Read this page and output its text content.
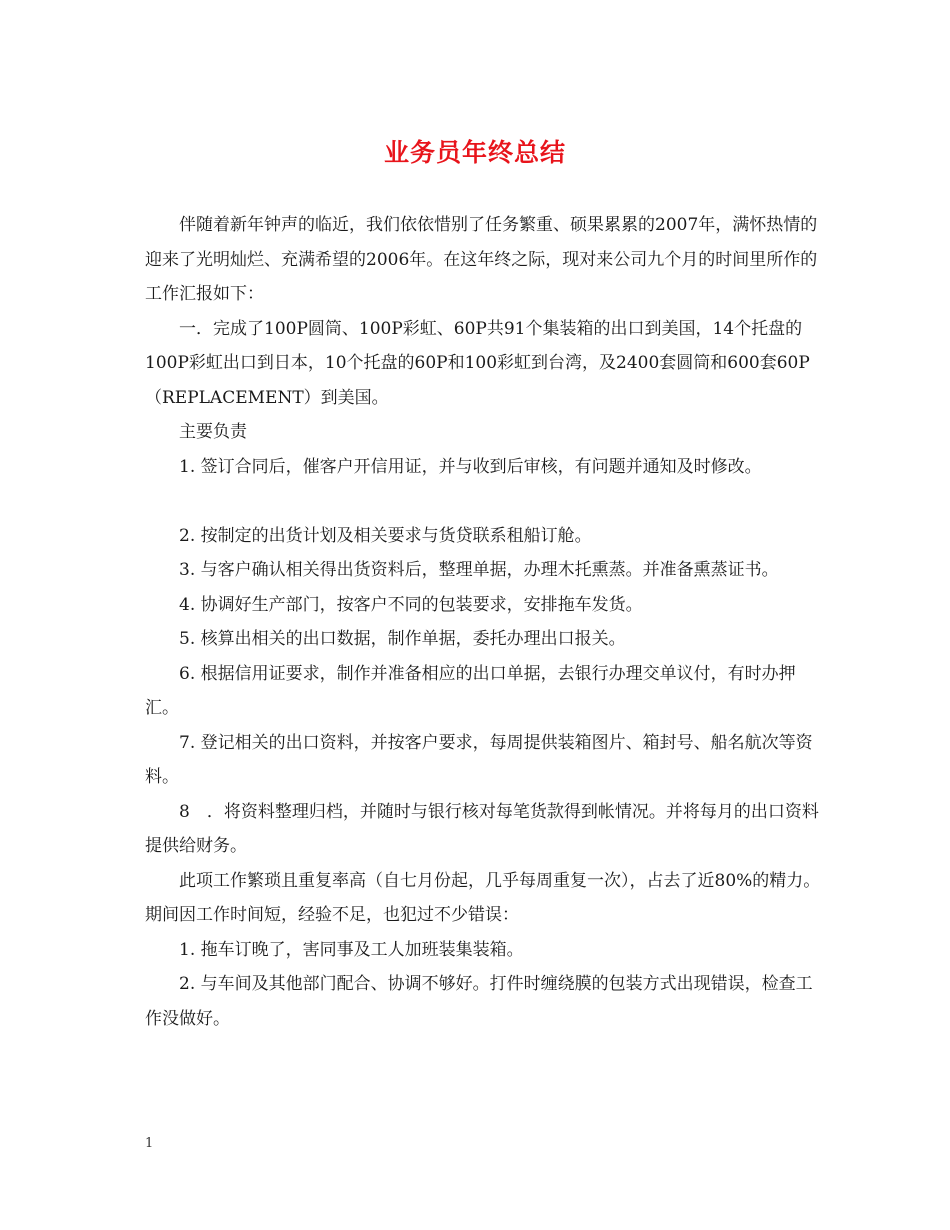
业务员年终总结

伴随着新年钟声的临近，我们依依惜别了任务繁重、硕果累累的2007年，满怀热情的迎来了光明灿烂、充满希望的2006年。在这年终之际，现对来公司九个月的时间里所作的工作汇报如下：

一．完成了100P圆筒、100P彩虹、60P共91个集装箱的出口到美国，14个托盘的100P彩虹出口到日本，10个托盘的60P和100彩虹到台湾，及2400套圆筒和600套60P（REPLACEMENT）到美国。

主要负责

1. 签订合同后，催客户开信用证，并与收到后审核，有问题并通知及时修改。

2. 按制定的出货计划及相关要求与货贷联系租船订舱。

3. 与客户确认相关得出货资料后，整理单据，办理木托熏蒸。并准备熏蒸证书。

4. 协调好生产部门，按客户不同的包装要求，安排拖车发货。

5. 核算出相关的出口数据，制作单据，委托办理出口报关。

6. 根据信用证要求，制作并准备相应的出口单据，去银行办理交单议付，有时办押汇。

7. 登记相关的出口资料，并按客户要求，每周提供装箱图片、箱封号、船名航次等资料。

8　．将资料整理归档，并随时与银行核对每笔货款得到帐情况。并将每月的出口资料提供给财务。

此项工作繁琐且重复率高（自七月份起，几乎每周重复一次），占去了近80%的精力。期间因工作时间短，经验不足，也犯过不少错误：

1. 拖车订晚了，害同事及工人加班装集装箱。

2. 与车间及其他部门配合、协调不够好。打件时缠绕膜的包装方式出现错误，检查工作没做好。

1
